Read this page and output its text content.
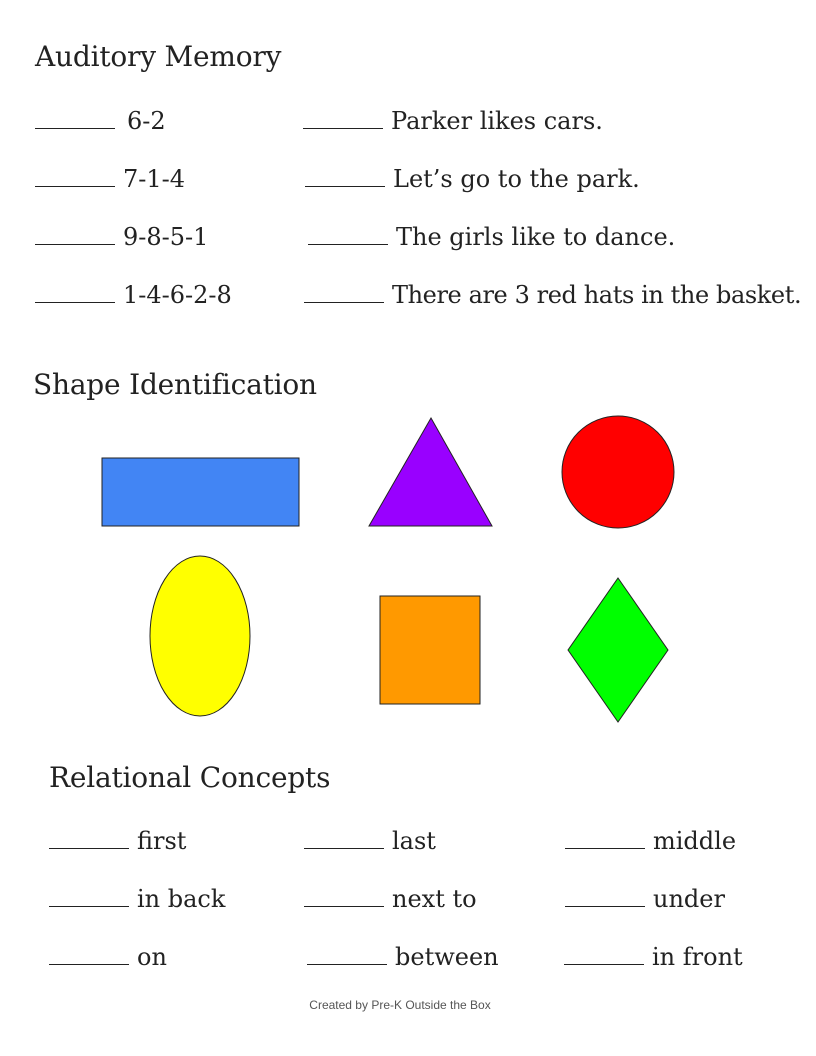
Auditory Memory
6-2
7-1-4
9-8-5-1
1-4-6-2-8
Parker likes cars.
Let’s go to the park.
The girls like to dance.
There are 3 red hats in the basket.
Shape Identification
Relational Concepts
first
in back
on
last
next to
between
middle
under
in front
Created by Pre-K Outside the Box
